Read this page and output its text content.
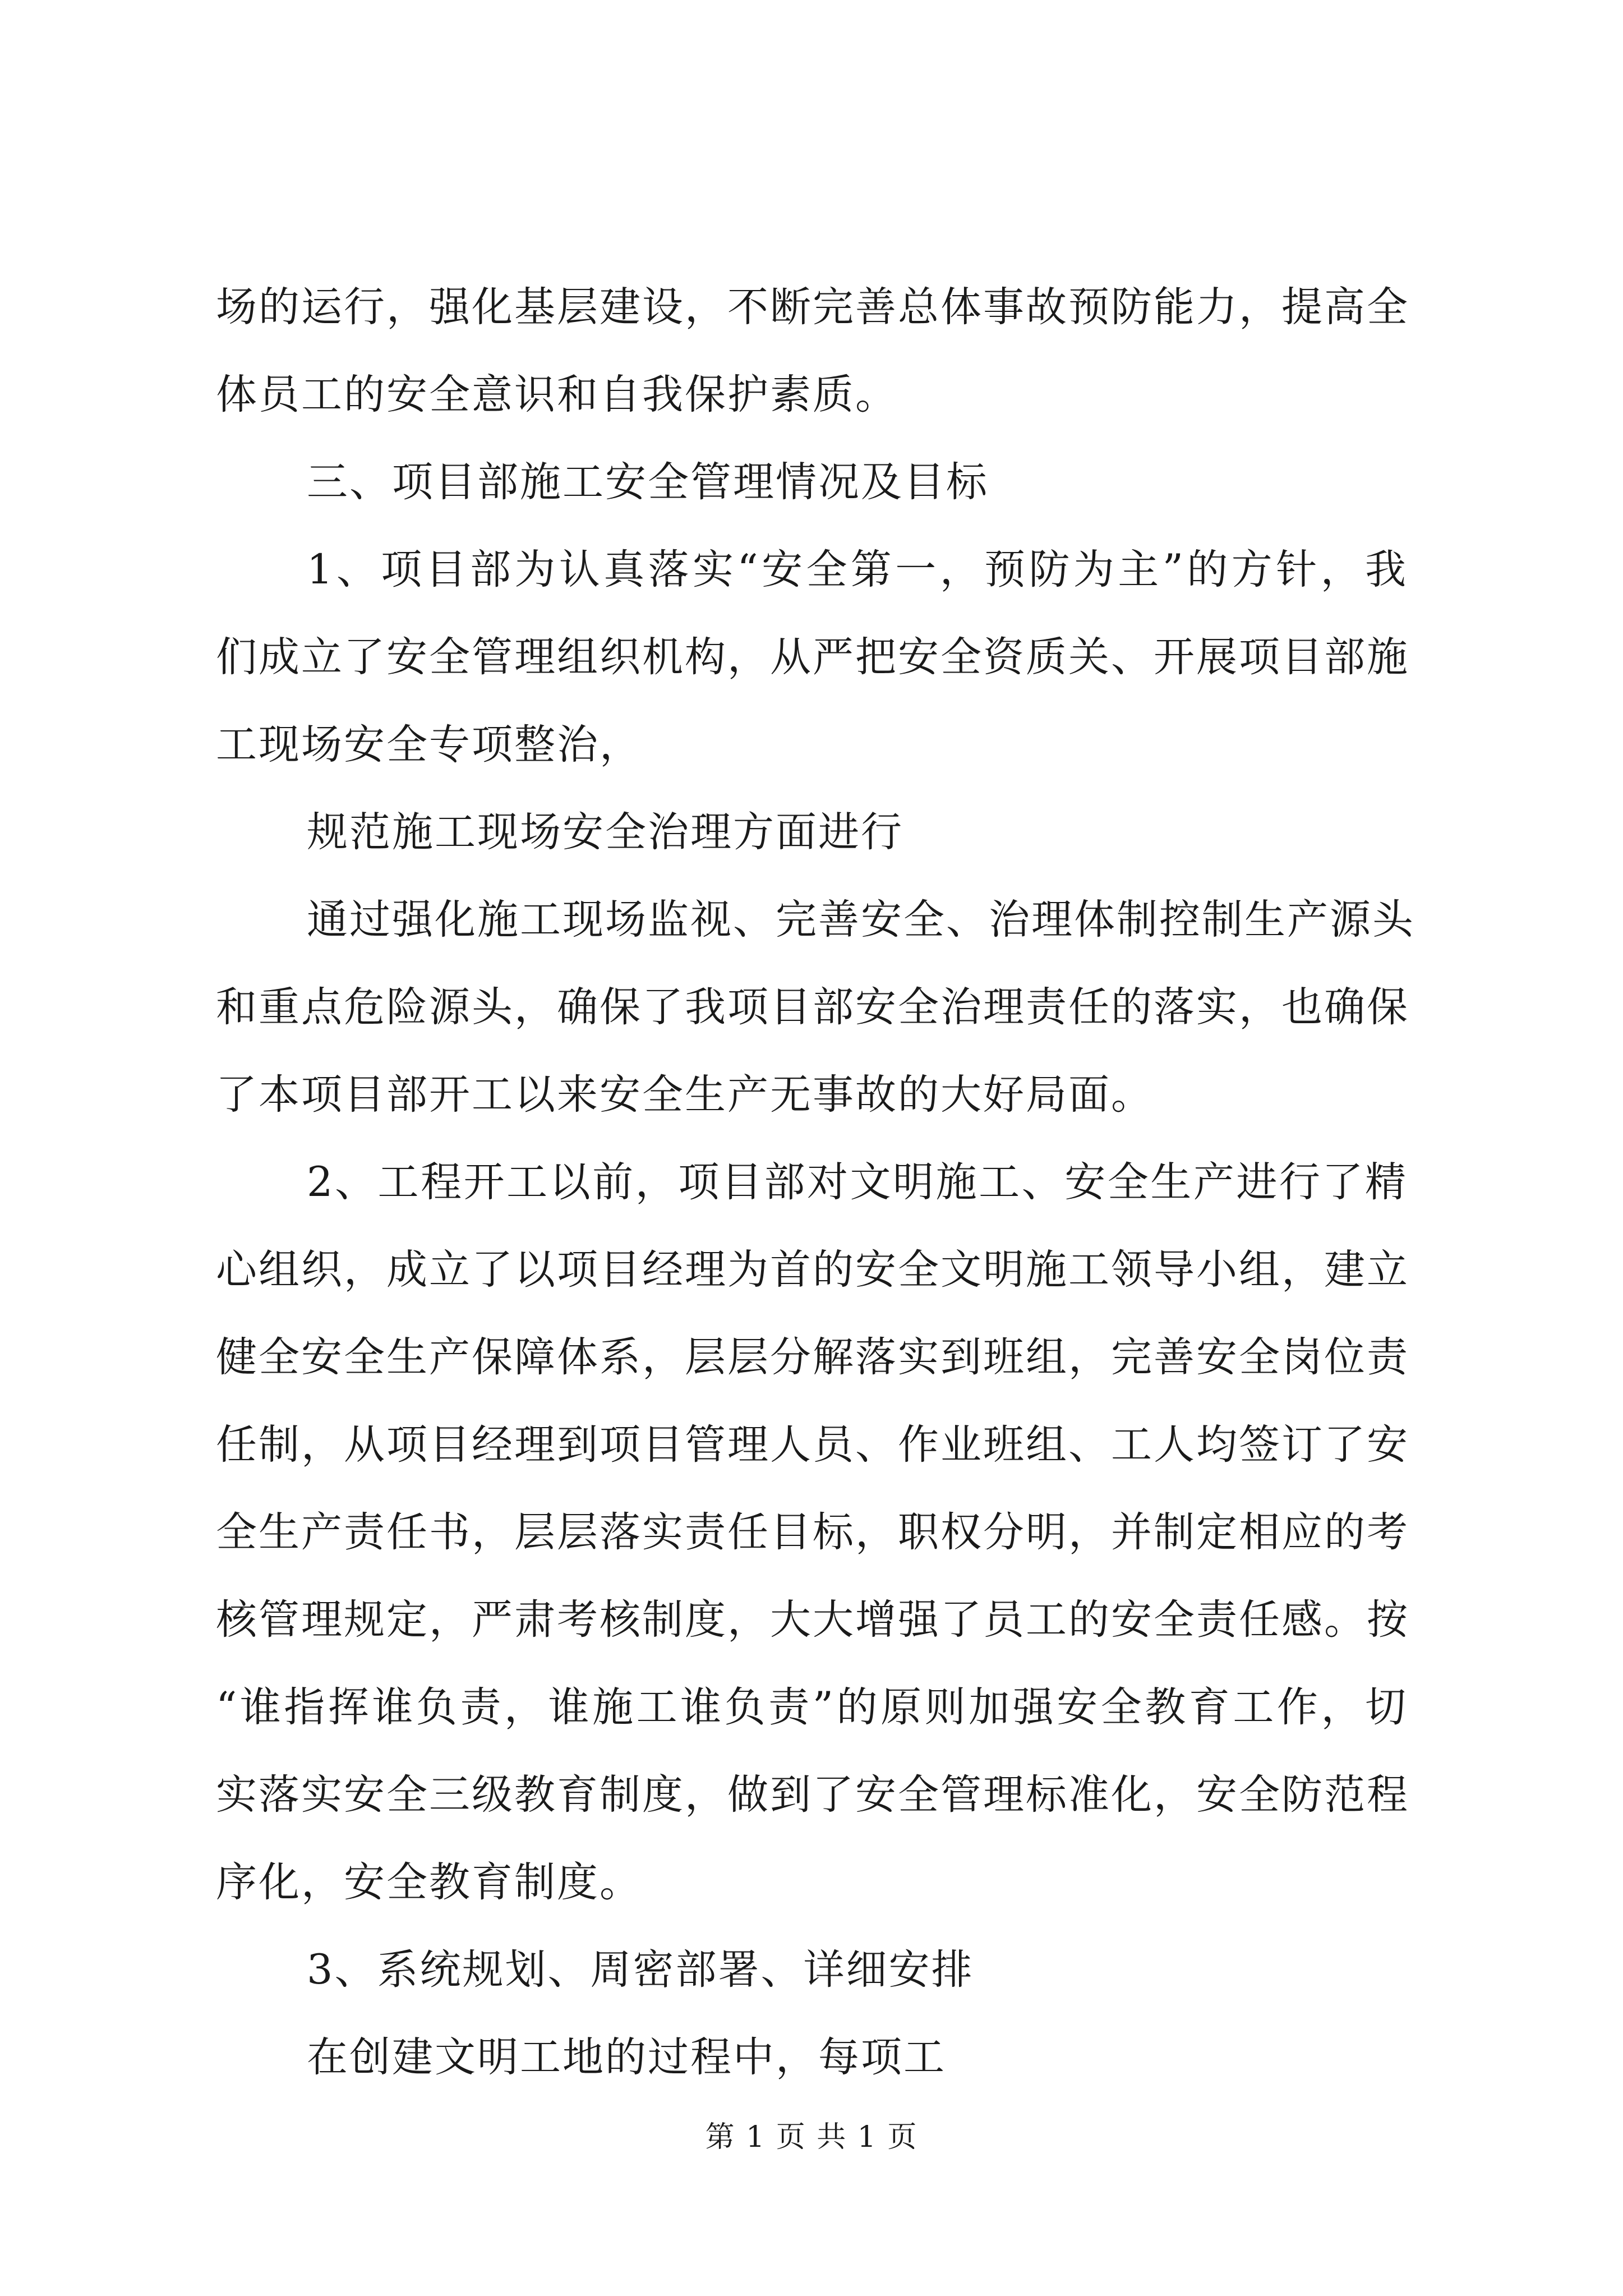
场的运行，强化基层建设，不断完善总体事故预防能力，提高全
体员工的安全意识和自我保护素质。
三、项目部施工安全管理情况及目标
1、项目部为认真落实“安全第一，预防为主”的方针，我
们成立了安全管理组织机构，从严把安全资质关、开展项目部施
工现场安全专项整治，
规范施工现场安全治理方面进行
通过强化施工现场监视、完善安全、治理体制控制生产源头
和重点危险源头，确保了我项目部安全治理责任的落实，也确保
了本项目部开工以来安全生产无事故的大好局面。
2、工程开工以前，项目部对文明施工、安全生产进行了精
心组织，成立了以项目经理为首的安全文明施工领导小组，建立
健全安全生产保障体系，层层分解落实到班组，完善安全岗位责
任制，从项目经理到项目管理人员、作业班组、工人均签订了安
全生产责任书，层层落实责任目标，职权分明，并制定相应的考
核管理规定，严肃考核制度，大大增强了员工的安全责任感。按
“谁指挥谁负责，谁施工谁负责”的原则加强安全教育工作，切
实落实安全三级教育制度，做到了安全管理标准化，安全防范程
序化，安全教育制度。
3、系统规划、周密部署、详细安排
在创建文明工地的过程中，每项工
第 1 页 共 1 页
